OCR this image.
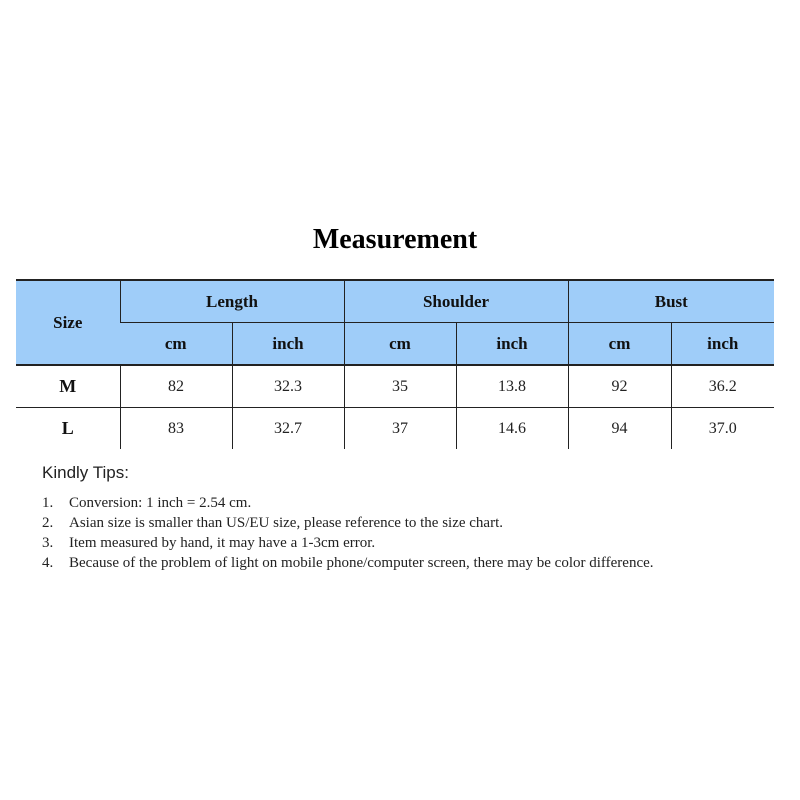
Measurement
Size	Length		Shoulder		Bust	
	cm	inch	cm	inch	cm	inch
M	82	32.3	35	13.8	92	36.2
L	83	32.7	37	14.6	94	37.0
Kindly Tips:
1. Conversion: 1 inch = 2.54 cm.
2. Asian size is smaller than US/EU size, please reference to the size chart.
3. Item measured by hand, it may have a 1-3cm error.
4. Because of the problem of light on mobile phone/computer screen, there may be color difference.
